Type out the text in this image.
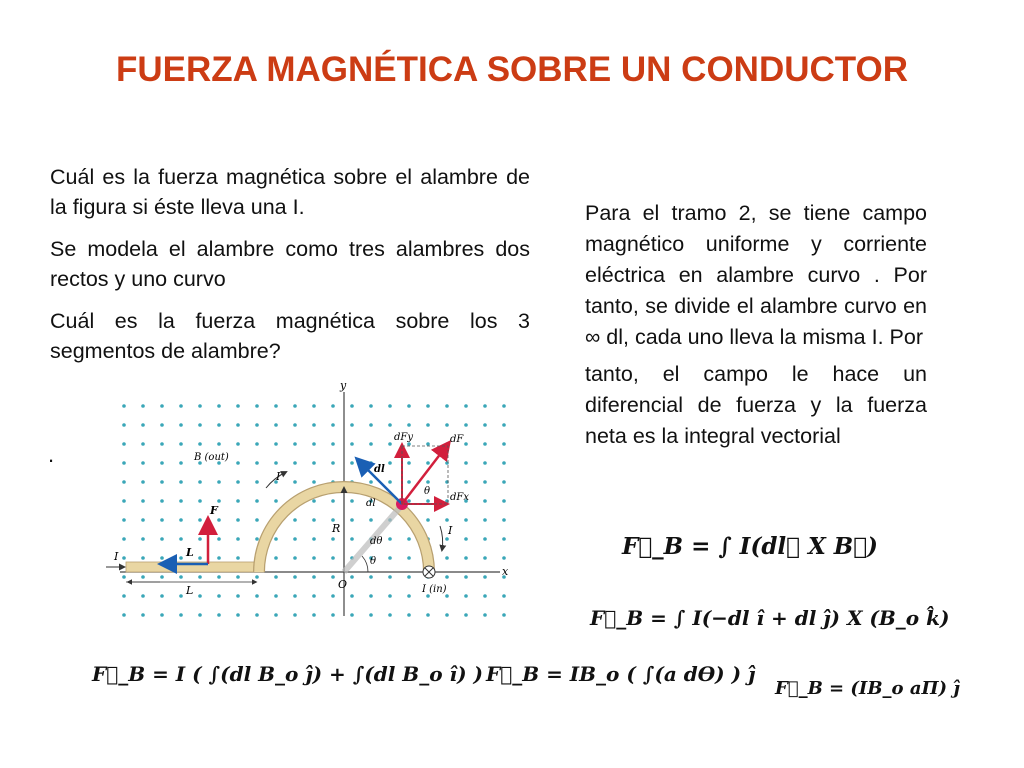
FUERZA MAGNÉTICA SOBRE UN CONDUCTOR

Cuál es la fuerza magnética sobre el alambre de la figura si éste lleva una I.

Se modela el alambre como tres alambres dos rectos y uno curvo

Cuál es la fuerza magnética sobre los 3 segmentos de alambre?

.
Para el tramo 2, se tiene campo magnético uniforme y corriente eléctrica en alambre curvo . Por tanto, se divide el alambre curvo en ∞ dl, cada uno lleva la misma I. Por
tanto, el campo le hace un diferencial de fuerza y la fuerza neta es la integral vectorial
y
x
I
I
I
I (in)
B (out)
F
L
L
R
O
θ
dθ
dl
dl
dF
dFx
dFy
θ
F⃗_B = ∫ I(dl⃗ X B⃗)
F⃗_B = ∫ I(−dl î + dl ĵ) X (B_o k̂)
F⃗_B = I ( ∫(dl B_o ĵ) + ∫(dl B_o î) ) F⃗_B = IB_o ( ∫(a dϴ) ) ĵ
F⃗_B = (IB_o aΠ) ĵ
